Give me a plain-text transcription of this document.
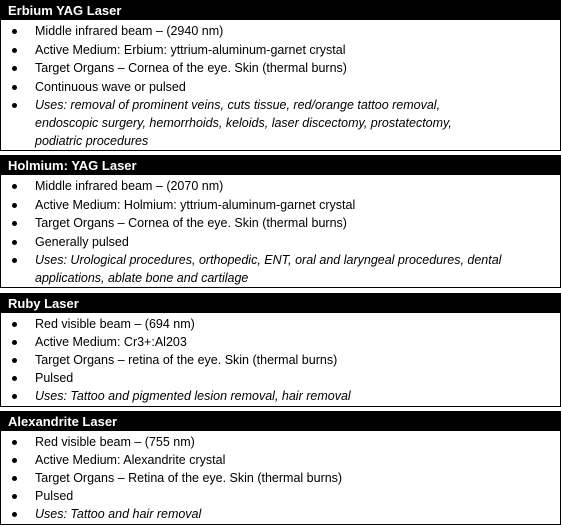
Erbium YAG Laser
Middle infrared beam – (2940 nm)
Active Medium: Erbium: yttrium-aluminum-garnet crystal
Target Organs – Cornea of the eye. Skin (thermal burns)
Continuous wave or pulsed
Uses: removal of prominent veins, cuts tissue, red/orange tattoo removal,
endoscopic surgery, hemorrhoids, keloids, laser discectomy, prostatectomy,
podiatric procedures
Holmium: YAG Laser
Middle infrared beam – (2070 nm)
Active Medium: Holmium: yttrium-aluminum-garnet crystal
Target Organs – Cornea of the eye. Skin (thermal burns)
Generally pulsed
Uses: Urological procedures, orthopedic, ENT, oral and laryngeal procedures, dental
applications, ablate bone and cartilage
Ruby Laser
Red visible beam – (694 nm)
Active Medium: Cr3+:Al203
Target Organs – retina of the eye. Skin (thermal burns)
Pulsed
Uses: Tattoo and pigmented lesion removal, hair removal
Alexandrite Laser
Red visible beam – (755 nm)
Active Medium: Alexandrite crystal
Target Organs – Retina of the eye. Skin (thermal burns)
Pulsed
Uses: Tattoo and hair removal
